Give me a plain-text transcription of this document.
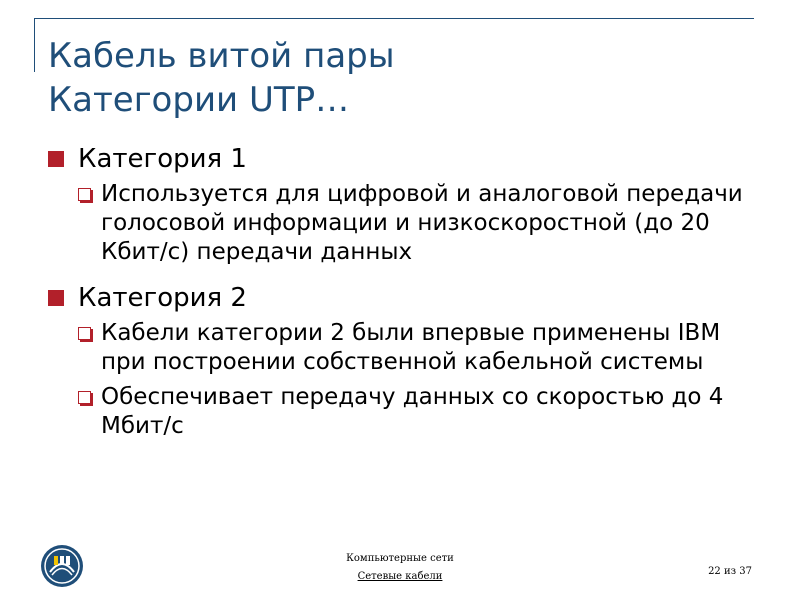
Кабель витой пары
Категории UTP…
Категория 1
Используется для цифровой и аналоговой передачи голосовой информации и низкоскоростной (до 20 Кбит/с) передачи данных
Категория 2
Кабели категории 2 были впервые применены IBM при построении собственной кабельной системы
Обеспечивает передачу данных со скоростью до 4 Мбит/с
Компьютерные сети
Сетевые кабели	22 из 37
